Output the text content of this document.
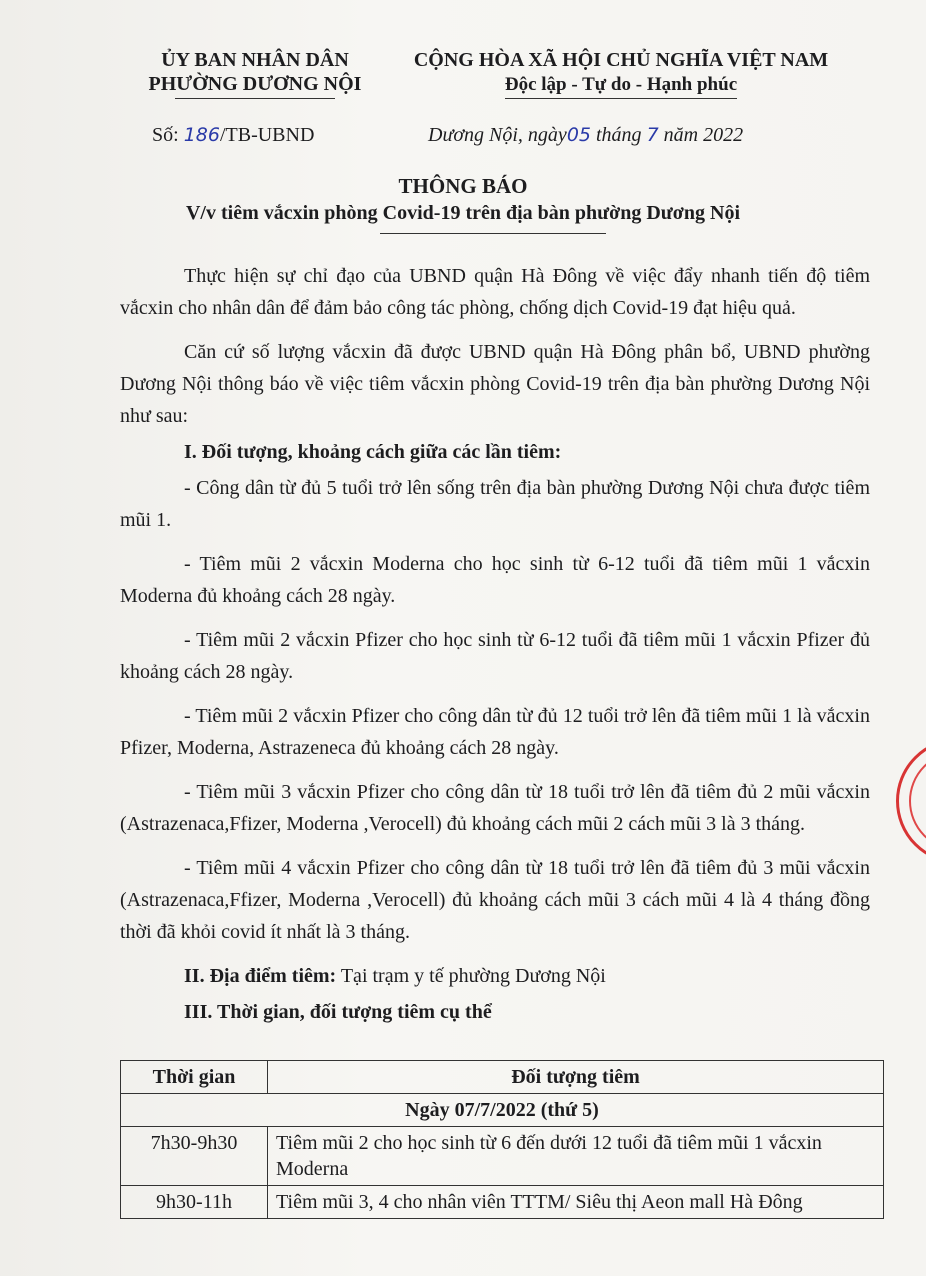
ỦY BAN NHÂN DÂN
PHƯỜNG DƯƠNG NỘI
CỘNG HÒA XÃ HỘI CHỦ NGHĨA VIỆT NAM
Độc lập - Tự do - Hạnh phúc
Số: 186/TB-UBND	Dương Nội, ngày05 tháng 7 năm 2022
THÔNG BÁO
V/v tiêm vắcxin phòng Covid-19 trên địa bàn phường Dương Nội

Thực hiện sự chỉ đạo của UBND quận Hà Đông về việc đẩy nhanh tiến độ tiêm vắcxin cho nhân dân để đảm bảo công tác phòng, chống dịch Covid-19 đạt hiệu quả.

Căn cứ số lượng vắcxin đã được UBND quận Hà Đông phân bổ, UBND phường Dương Nội thông báo về việc tiêm vắcxin phòng Covid-19 trên địa bàn phường Dương Nội như sau:

I. Đối tượng, khoảng cách giữa các lần tiêm:

- Công dân từ đủ 5 tuổi trở lên sống trên địa bàn phường Dương Nội chưa được tiêm mũi 1.

- Tiêm mũi 2 vắcxin Moderna cho học sinh từ 6-12 tuổi đã tiêm mũi 1 vắcxin Moderna đủ khoảng cách 28 ngày.

- Tiêm mũi 2 vắcxin Pfizer cho học sinh từ 6-12 tuổi đã tiêm mũi 1 vắcxin Pfizer đủ khoảng cách 28 ngày.

- Tiêm mũi 2 vắcxin Pfizer cho công dân từ đủ 12 tuổi trở lên đã tiêm mũi 1 là vắcxin Pfizer, Moderna, Astrazeneca đủ khoảng cách 28 ngày.

- Tiêm mũi 3 vắcxin Pfizer cho công dân từ 18 tuổi trở lên đã tiêm đủ 2 mũi vắcxin (Astrazenaca,Ffizer, Moderna ,Verocell) đủ khoảng cách mũi 2 cách mũi 3 là 3 tháng.

- Tiêm mũi 4 vắcxin Pfizer cho công dân từ 18 tuổi trở lên đã tiêm đủ 3 mũi vắcxin (Astrazenaca,Ffizer, Moderna ,Verocell) đủ khoảng cách mũi 3 cách mũi 4 là 4 tháng đồng thời đã khỏi covid ít nhất là 3 tháng.

II. Địa điểm tiêm: Tại trạm y tế phường Dương Nội

III. Thời gian, đối tượng tiêm cụ thể

Thời gian	Đối tượng tiêm
Ngày 07/7/2022 (thứ 5)	
7h30-9h30	Tiêm mũi 2 cho học sinh từ 6 đến dưới 12 tuổi đã tiêm mũi 1 vắcxin Moderna
9h30-11h	Tiêm mũi 3, 4 cho nhân viên TTTM/ Siêu thị Aeon mall Hà Đông
